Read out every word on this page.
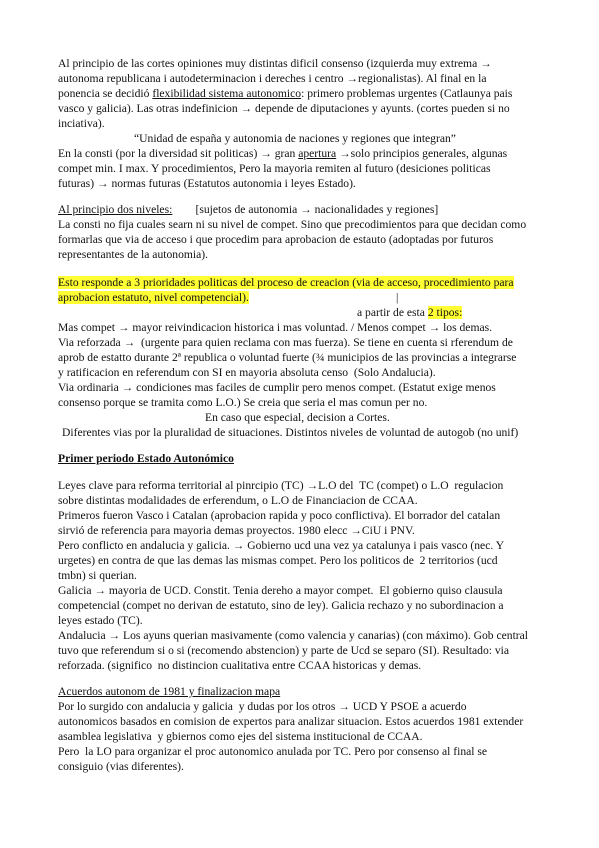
Al principio de las cortes opiniones muy distintas dificil consenso (izquierda muy extrema →

autonoma republicana i autodeterminacion i dereches i centro →regionalistas). Al final en la

ponencia se decidió flexibilidad sistema autonomico: primero problemas urgentes (Catlaunya pais

vasco y galicia). Las otras indefinicion → depende de diputaciones y ayunts. (cortes pueden si no

inciativa).

“Unidad de españa y autonomia de naciones y regiones que integran”

En la consti (por la diversidad sit politicas) → gran apertura →solo principios generales, algunas

compet min. I max. Y procedimientos, Pero la mayoria remiten al futuro (desiciones politicas

futuras) → normas futuras (Estatutos autonomia i leyes Estado).

Al principio dos niveles:        [sujetos de autonomia → nacionalidades y regiones]

La consti no fija cuales searn ni su nivel de compet. Sino que precodimientos para que decidan como

formarlas que via de acceso i que procedim para aprobacion de estauto (adoptadas por futuros

representantes de la autonomia).

Esto responde a 3 prioridades politicas del proceso de creacion (via de acceso, procedimiento para

aprobacion estatuto, nivel competencial).	|

a partir de esta 2 tipos:

Mas compet → mayor reivindicacion historica i mas voluntad. / Menos compet → los demas.

Via reforzada →  (urgente para quien reclama con mas fuerza). Se tiene en cuenta si rferendum de

aprob de estatto durante 2ª republica o voluntad fuerte (¾ municipios de las provincias a integrarse

y ratificacion en referendum con SI en mayoria absoluta censo  (Solo Andalucia).

Via ordinaria → condiciones mas faciles de cumplir pero menos compet. (Estatut exige menos

consenso porque se tramita como L.O.) Se creia que seria el mas comun per no.

En caso que especial, decision a Cortes.

Diferentes vias por la pluralidad de situaciones. Distintos niveles de voluntad de autogob (no unif)

Primer periodo Estado Autonómico

Leyes clave para reforma territorial al pinrcipio (TC) →L.O del  TC (compet) o L.O  regulacion

sobre distintas modalidades de erferendum, o L.O de Financiacion de CCAA.

Primeros fueron Vasco i Catalan (aprobacion rapida y poco conflictiva). El borrador del catalan

sirvió de referencia para mayoria demas proyectos. 1980 elecc →CiU i PNV.

Pero conflicto en andalucia y galicia. → Gobierno ucd una vez ya catalunya i pais vasco (nec. Y

urgetes) en contra de que las demas las mismas compet. Pero los politicos de  2 territorios (ucd

tmbn) si querian.

Galicia → mayoria de UCD. Constit. Tenia dereho a mayor compet.  El gobierno quiso clausula

competencial (compet no derivan de estatuto, sino de ley). Galicia rechazo y no subordinacion a

leyes estado (TC).

Andalucia → Los ayuns querian masivamente (como valencia y canarias) (con máximo). Gob central

tuvo que referendum si o si (recomendo abstencion) y parte de Ucd se separo (SI). Resultado: via

reforzada. (significo  no distincion cualitativa entre CCAA historicas y demas.

Acuerdos autonom de 1981 y finalizacion mapa

Por lo surgido con andalucia y galicia  y dudas por los otros → UCD Y PSOE a acuerdo

autonomicos basados en comision de expertos para analizar situacion. Estos acuerdos 1981 extender

asamblea legislativa  y gbiernos como ejes del sistema institucional de CCAA.

Pero  la LO para organizar el proc autonomico anulada por TC. Pero por consenso al final se

consiguio (vias diferentes).
